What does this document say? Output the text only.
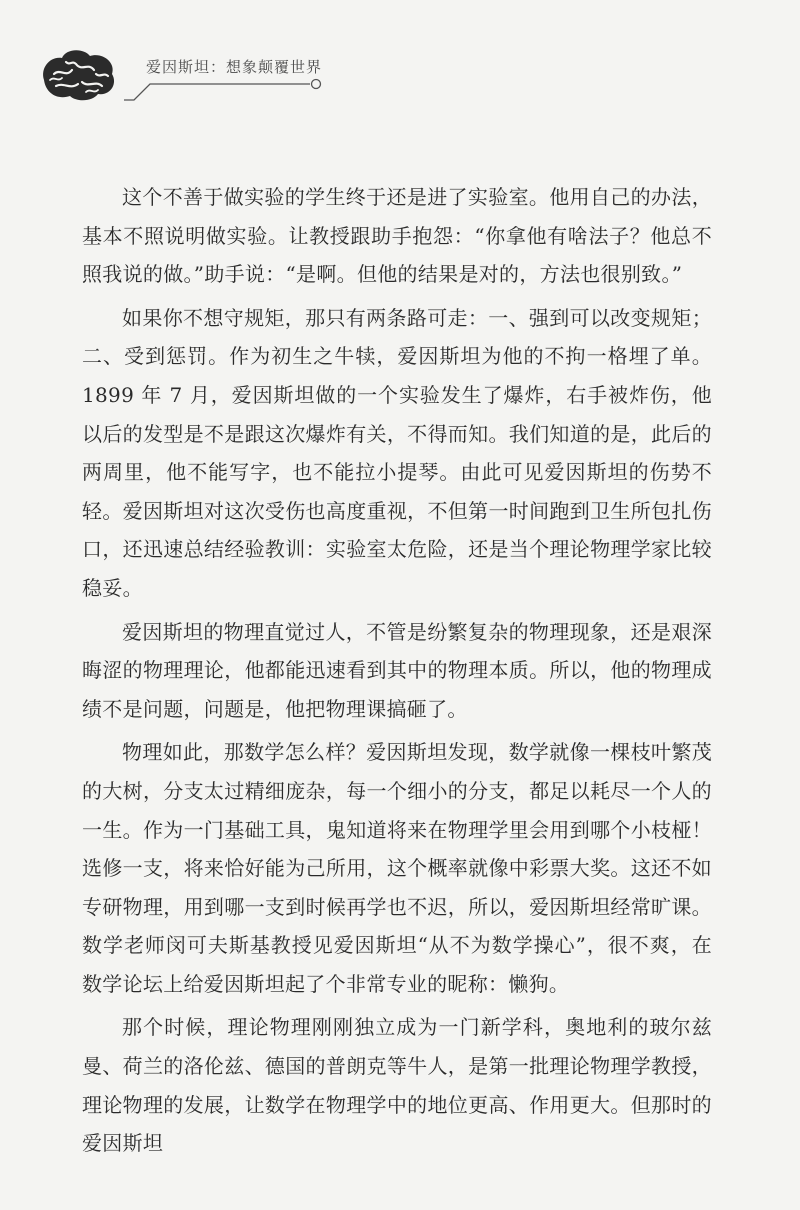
爱因斯坦：想象颠覆世界

这个不善于做实验的学生终于还是进了实验室。他用自己的办法，基本不照说明做实验。让教授跟助手抱怨：“你拿他有啥法子？他总不照我说的做。”助手说：“是啊。但他的结果是对的，方法也很别致。”

如果你不想守规矩，那只有两条路可走：一、强到可以改变规矩；二、受到惩罚。作为初生之牛犊，爱因斯坦为他的不拘一格埋了单。1899 年 7 月，爱因斯坦做的一个实验发生了爆炸，右手被炸伤，他以后的发型是不是跟这次爆炸有关，不得而知。我们知道的是，此后的两周里，他不能写字，也不能拉小提琴。由此可见爱因斯坦的伤势不轻。爱因斯坦对这次受伤也高度重视，不但第一时间跑到卫生所包扎伤口，还迅速总结经验教训：实验室太危险，还是当个理论物理学家比较稳妥。

爱因斯坦的物理直觉过人，不管是纷繁复杂的物理现象，还是艰深晦涩的物理理论，他都能迅速看到其中的物理本质。所以，他的物理成绩不是问题，问题是，他把物理课搞砸了。

物理如此，那数学怎么样？爱因斯坦发现，数学就像一棵枝叶繁茂的大树，分支太过精细庞杂，每一个细小的分支，都足以耗尽一个人的一生。作为一门基础工具，鬼知道将来在物理学里会用到哪个小枝桠！选修一支，将来恰好能为己所用，这个概率就像中彩票大奖。这还不如专研物理，用到哪一支到时候再学也不迟，所以，爱因斯坦经常旷课。数学老师闵可夫斯基教授见爱因斯坦“从不为数学操心”，很不爽，在数学论坛上给爱因斯坦起了个非常专业的昵称：懒狗。

那个时候，理论物理刚刚独立成为一门新学科，奥地利的玻尔兹曼、荷兰的洛伦兹、德国的普朗克等牛人，是第一批理论物理学教授，理论物理的发展，让数学在物理学中的地位更高、作用更大。但那时的爱因斯坦
